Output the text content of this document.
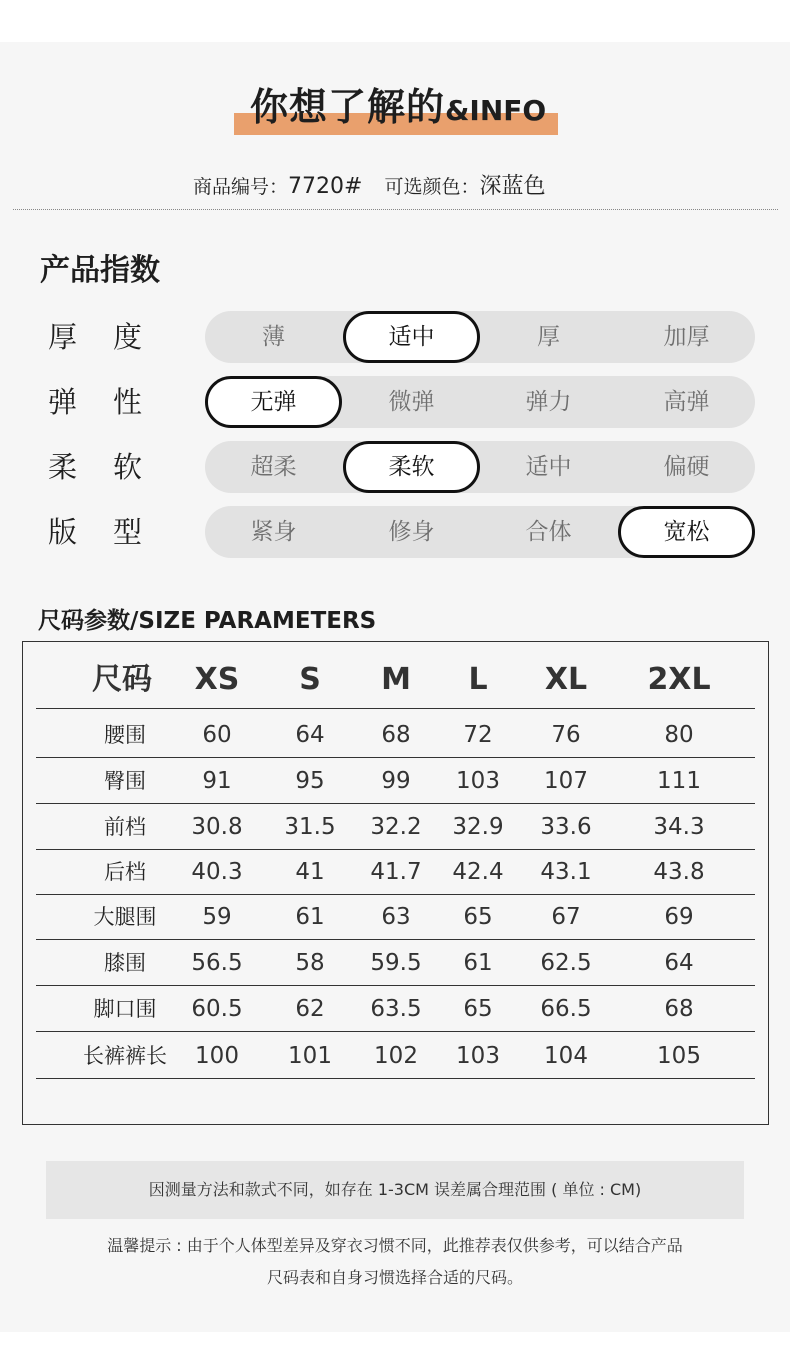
你想了解的&INFO
商品编号：7720# 可选颜色：深蓝色
产品指数
厚度	薄	适中	厚	加厚
弹性	无弹	微弹	弹力	高弹
柔软	超柔	柔软	适中	偏硬
版型	紧身	修身	合体	宽松
尺码参数/SIZE PARAMETERS
尺码	XS	S	M	L	XL	2XL
腰围	60	64	68	72	76	80
臀围	91	95	99	103	107	111
前档	30.8	31.5	32.2	32.9	33.6	34.3
后档	40.3	41	41.7	42.4	43.1	43.8
大腿围	59	61	63	65	67	69
膝围	56.5	58	59.5	61	62.5	64
脚口围	60.5	62	63.5	65	66.5	68
长裤裤长	100	101	102	103	104	105
因测量方法和款式不同，如存在 1-3CM 误差属合理范围 ( 单位 : CM)
温馨提示 : 由于个人体型差异及穿衣习惯不同，此推荐表仅供参考，可以结合产品
尺码表和自身习惯选择合适的尺码。
